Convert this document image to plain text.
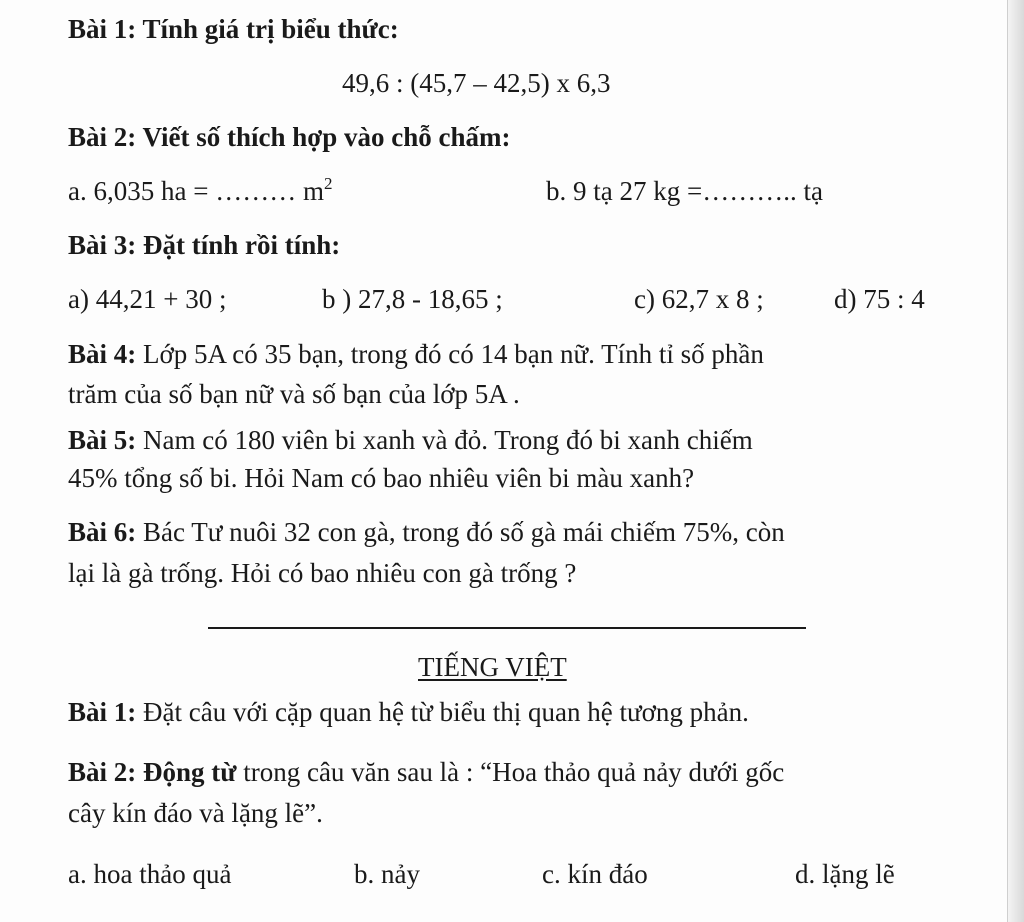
Bài 1: Tính giá trị biểu thức:
49,6 : (45,7 – 42,5) x 6,3
Bài 2: Viết số thích hợp vào chỗ chấm:
a. 6,035 ha = ……… $m^2$	b. 9 tạ 27 kg =……….. tạ
Bài 3: Đặt tính rồi tính:
a) 44,21 + 30 ;	b ) 27,8 - 18,65 ;	c) 62,7 x 8 ;	d) 75 : 4
Bài 4: Lớp 5A có 35 bạn, trong đó có 14 bạn nữ. Tính tỉ số phần
trăm của số bạn nữ và số bạn của lớp 5A .
Bài 5: Nam có 180 viên bi xanh và đỏ. Trong đó bi xanh chiếm
45% tổng số bi. Hỏi Nam có bao nhiêu viên bi màu xanh?
Bài 6: Bác Tư nuôi 32 con gà, trong đó số gà mái chiếm 75%, còn
lại là gà trống. Hỏi có bao nhiêu con gà trống ?
TIẾNG VIỆT
Bài 1: Đặt câu với cặp quan hệ từ biểu thị quan hệ tương phản.
Bài 2: Động từ trong câu văn sau là : “Hoa thảo quả nảy dưới gốc
cây kín đáo và lặng lẽ”.
a. hoa thảo quả	b. nảy	c. kín đáo	d. lặng lẽ
